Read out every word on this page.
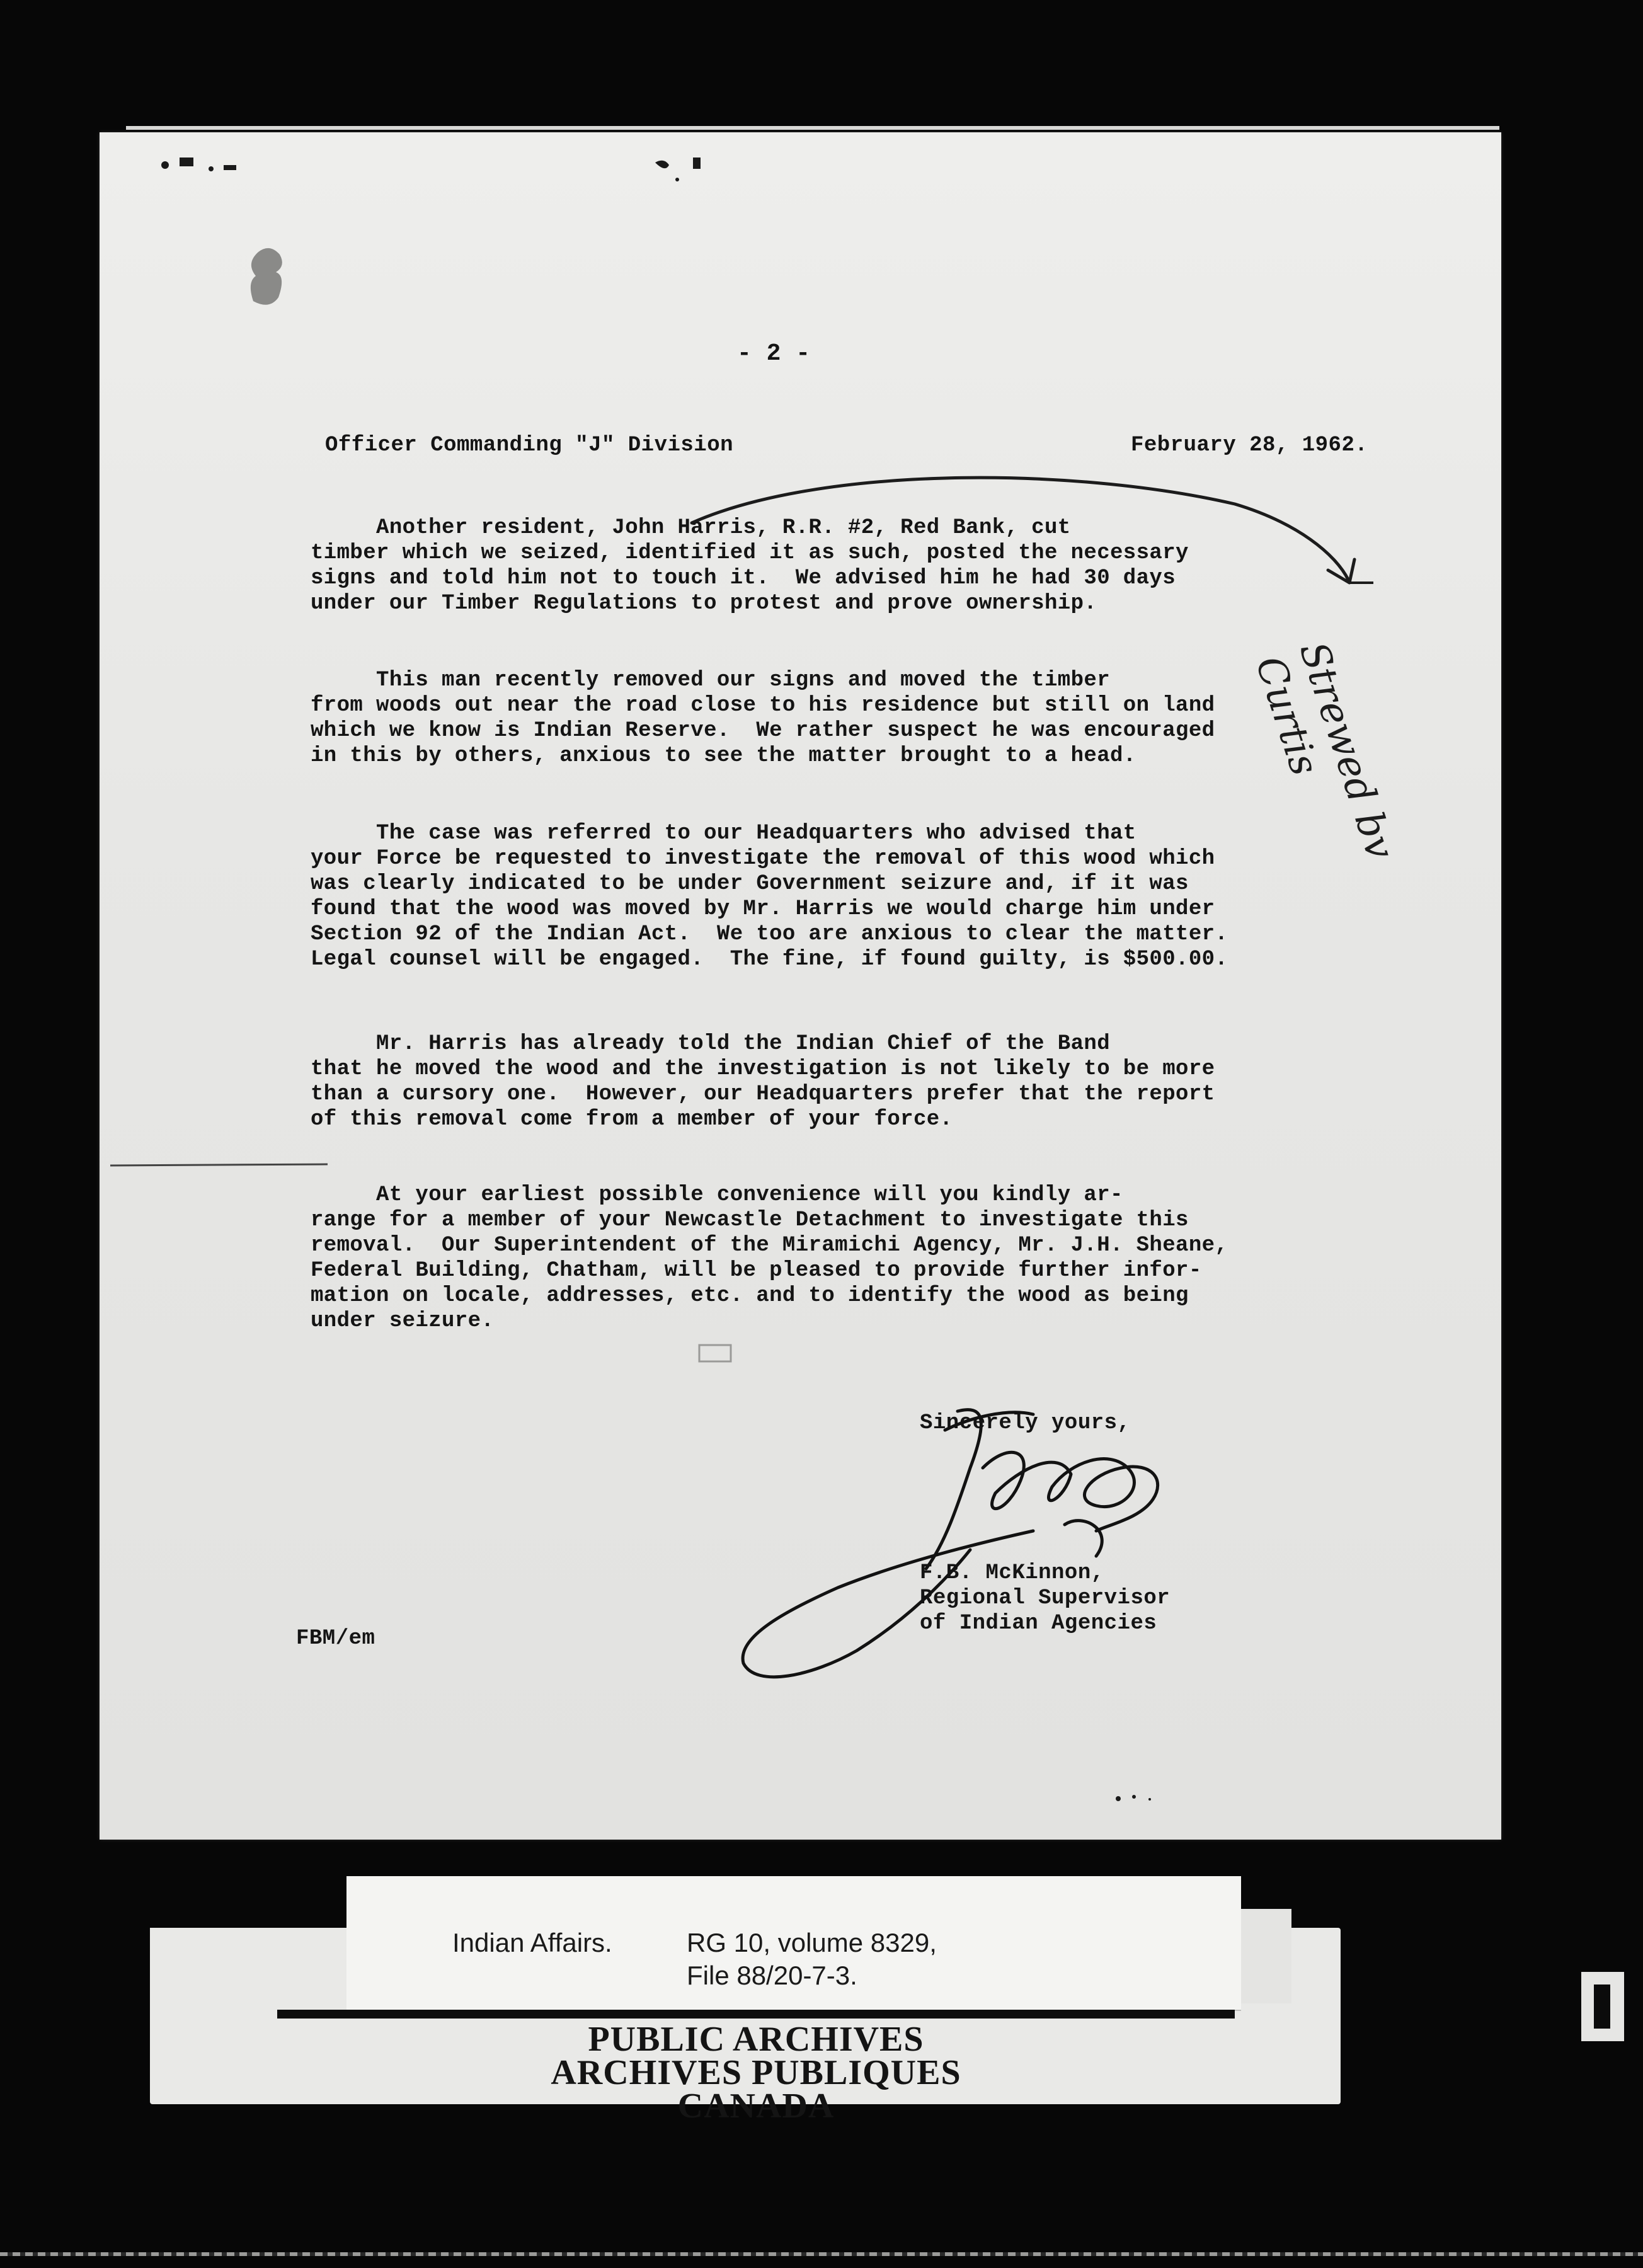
- 2 -
Officer Commanding "J" Division	February 28, 1962.
Another resident, John Harris, R.R. #2, Red Bank, cut
timber which we seized, identified it as such, posted the necessary
signs and told him not to touch it.  We advised him he had 30 days
under our Timber Regulations to protest and prove ownership.
This man recently removed our signs and moved the timber
from woods out near the road close to his residence but still on land
which we know is Indian Reserve.  We rather suspect he was encouraged
in this by others, anxious to see the matter brought to a head.
The case was referred to our Headquarters who advised that
your Force be requested to investigate the removal of this wood which
was clearly indicated to be under Government seizure and, if it was
found that the wood was moved by Mr. Harris we would charge him under
Section 92 of the Indian Act.  We too are anxious to clear the matter.
Legal counsel will be engaged.  The fine, if found guilty, is $500.00.
Mr. Harris has already told the Indian Chief of the Band
that he moved the wood and the investigation is not likely to be more
than a cursory one.  However, our Headquarters prefer that the report
of this removal come from a member of your force.
At your earliest possible convenience will you kindly ar-
range for a member of your Newcastle Detachment to investigate this
removal.  Our Superintendent of the Miramichi Agency, Mr. J.H. Sheane,
Federal Building, Chatham, will be pleased to provide further infor-
mation on locale, addresses, etc. and to identify the wood as being
under seizure.
Sincerely yours,
F.B. McKinnon,
Regional Supervisor
of Indian Agencies
FBM/em
Strewed bv
Curtis
Indian Affairs.	RG 10, volume 8329,
File 88/20-7-3.
PUBLIC ARCHIVES
ARCHIVES PUBLIQUES
CANADA
